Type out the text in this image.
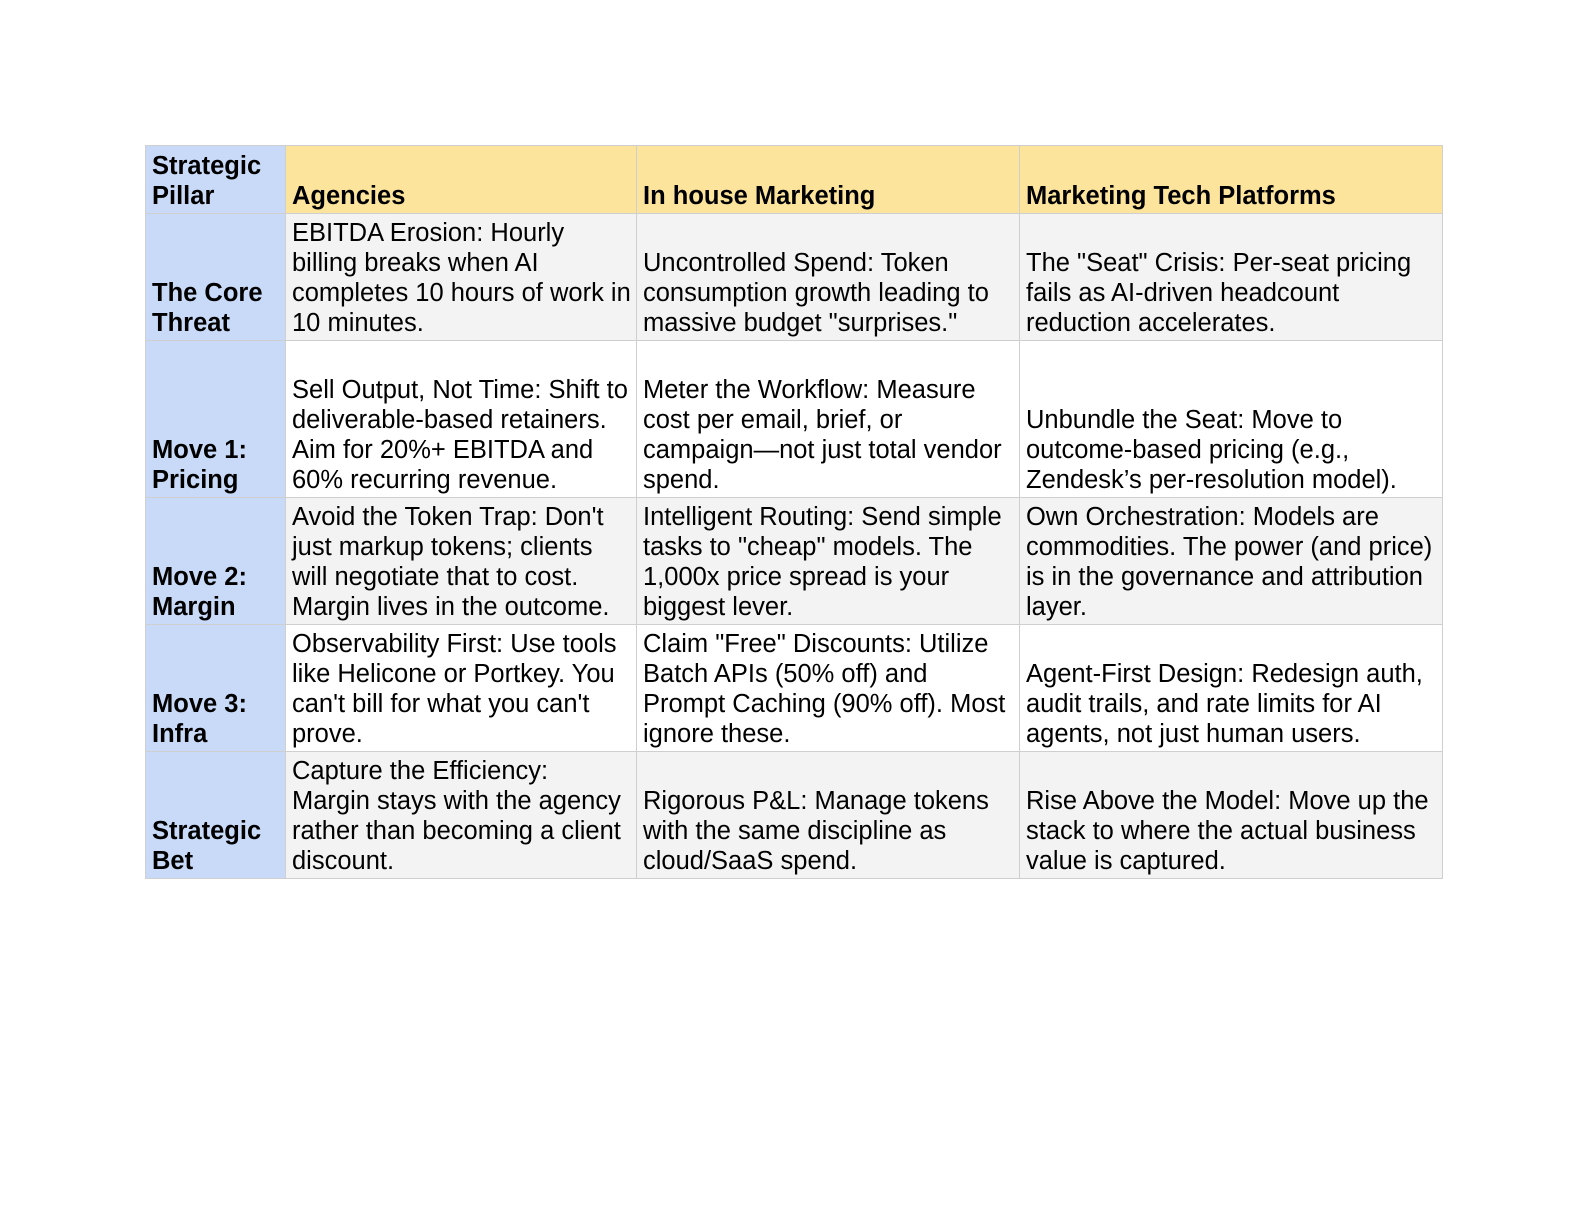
Strategic Pillar	Agencies	In house Marketing	Marketing Tech Platforms
The Core Threat	EBITDA Erosion: Hourly billing breaks when AI completes 10 hours of work in 10 minutes.	Uncontrolled Spend: Token consumption growth leading to massive budget "surprises."	The "Seat" Crisis: Per-seat pricing fails as AI-driven headcount reduction accelerates.
Move 1: Pricing	Sell Output, Not Time: Shift to deliverable-based retainers. Aim for 20%+ EBITDA and 60% recurring revenue.	Meter the Workflow: Measure cost per email, brief, or campaign—not just total vendor spend.	Unbundle the Seat: Move to outcome-based pricing (e.g., Zendesk’s per-resolution model).
Move 2: Margin	Avoid the Token Trap: Don't just markup tokens; clients will negotiate that to cost. Margin lives in the outcome.	Intelligent Routing: Send simple tasks to "cheap" models. The 1,000x price spread is your biggest lever.	Own Orchestration: Models are commodities. The power (and price) is in the governance and attribution layer.
Move 3: Infra	Observability First: Use tools like Helicone or Portkey. You can't bill for what you can't prove.	Claim "Free" Discounts: Utilize Batch APIs (50% off) and Prompt Caching (90% off). Most ignore these.	Agent-First Design: Redesign auth, audit trails, and rate limits for AI agents, not just human users.
Strategic Bet	Capture the Efficiency: Margin stays with the agency rather than becoming a client discount.	Rigorous P&L: Manage tokens with the same discipline as cloud/SaaS spend.	Rise Above the Model: Move up the stack to where the actual business value is captured.
